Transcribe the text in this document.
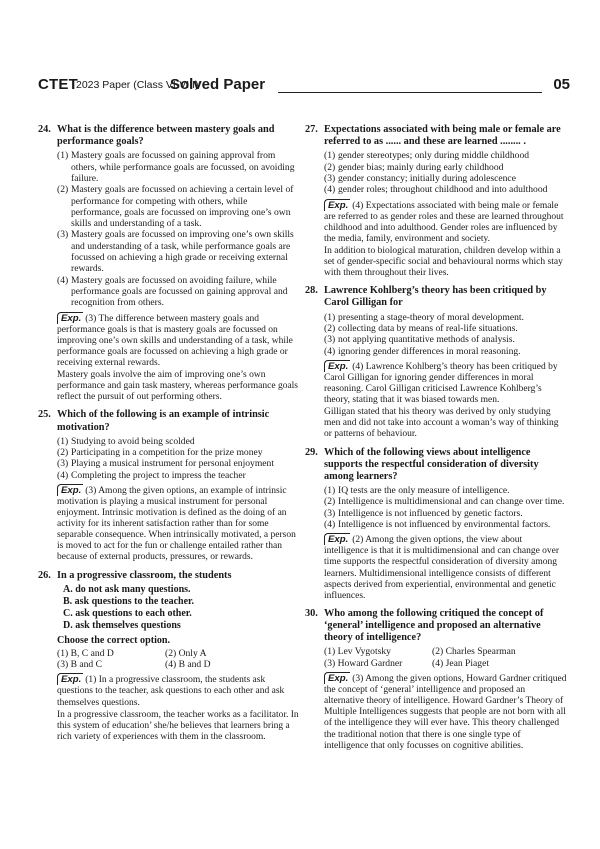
CTET
2023 Paper (Class VI-VIII)
Solved Paper	05
24. What is the difference between mastery goals and performance goals?
(1) Mastery goals are focussed on gaining approval from others, while performance goals are focussed, on avoiding failure.
(2) Mastery goals are focussed on achieving a certain level of performance for competing with others, while performance, goals are focussed on improving one’s own skills and understanding of a task.
(3) Mastery goals are focussed on improving one’s own skills and understanding of a task, while performance goals are focussed on achieving a high grade or receiving external rewards.
(4) Mastery goals are focussed on avoiding failure, while performance goals are focussed on gaining approval and recognition from others.

Exp. (3) The difference between mastery goals and performance goals is that is mastery goals are focussed on improving one’s own skills and understanding of a task, while performance goals are focussed on achieving a high grade or receiving external rewards.

Mastery goals involve the aim of improving one’s own performance and gain task mastery, whereas performance goals reflect the pursuit of out performing others.

25. Which of the following is an example of intrinsic motivation?
(1) Studying to avoid being scolded
(2) Participating in a competition for the prize money
(3) Playing a musical instrument for personal enjoyment
(4) Completing the project to impress the teacher

Exp. (3) Among the given options, an example of intrinsic motivation is playing a musical instrument for personal enjoyment. Intrinsic motivation is defined as the doing of an activity for its inherent satisfaction rather than for some separable consequence. When intrinsically motivated, a person is moved to act for the fun or challenge entailed rather than because of external products, pressures, or rewards.

26. In a progressive classroom, the students
A. do not ask many questions.
B. ask questions to the teacher.
C. ask questions to each other.
D. ask themselves questions
Choose the correct option.
(1) B, C and D	(2) Only A
(3) B and C	(4) B and D

Exp. (1) In a progressive classroom, the students ask questions to the teacher, ask questions to each other and ask themselves questions.

In a progressive classroom, the teacher works as a facilitator. In this system of education’ she/he believes that learners bring a rich variety of experiences with them in the classroom.

27. Expectations associated with being male or female are referred to as ...... and these are learned ........ .
(1) gender stereotypes; only during middle childhood
(2) gender bias; mainly during early childhood
(3) gender constancy; initially during adolescence
(4) gender roles; throughout childhood and into adulthood

Exp. (4) Expectations associated with being male or female are referred to as gender roles and these are learned throughout childhood and into adulthood. Gender roles are influenced by the media, family, environment and society.

In addition to biological maturation, children develop within a set of gender-specific social and behavioural norms which stay with them throughout their lives.

28. Lawrence Kohlberg’s theory has been critiqued by Carol Gilligan for
(1) presenting a stage-theory of moral development.
(2) collecting data by means of real-life situations.
(3) not applying quantitative methods of analysis.
(4) ignoring gender differences in moral reasoning.

Exp. (4) Lawrence Kohlberg’s theory has been critiqued by Carol Gilligan for ignoring gender differences in moral reasoning. Carol Gilligan criticised Lawrence Kohlberg’s theory, stating that it was biased towards men.

Gilligan stated that his theory was derived by only studying men and did not take into account a woman’s way of thinking or patterns of behaviour.

29. Which of the following views about intelligence supports the respectful consideration of diversity among learners?
(1) IQ tests are the only measure of intelligence.
(2) Intelligence is multidimensional and can change over time.
(3) Intelligence is not influenced by genetic factors.
(4) Intelligence is not influenced by environmental factors.

Exp. (2) Among the given options, the view about intelligence is that it is multidimensional and can change over time supports the respectful consideration of diversity among learners. Multidimensional intelligence consists of different aspects derived from experiential, environmental and genetic influences.

30. Who among the following critiqued the concept of ‘general’ intelligence and proposed an alternative theory of intelligence?
(1) Lev Vygotsky	(2) Charles Spearman
(3) Howard Gardner	(4) Jean Piaget

Exp. (3) Among the given options, Howard Gardner critiqued the concept of ‘general’ intelligence and proposed an alternative theory of intelligence. Howard Gardner’s Theory of Multiple Intelligences suggests that people are not born with all of the intelligence they will ever have. This theory challenged the traditional notion that there is one single type of intelligence that only focusses on cognitive abilities.
